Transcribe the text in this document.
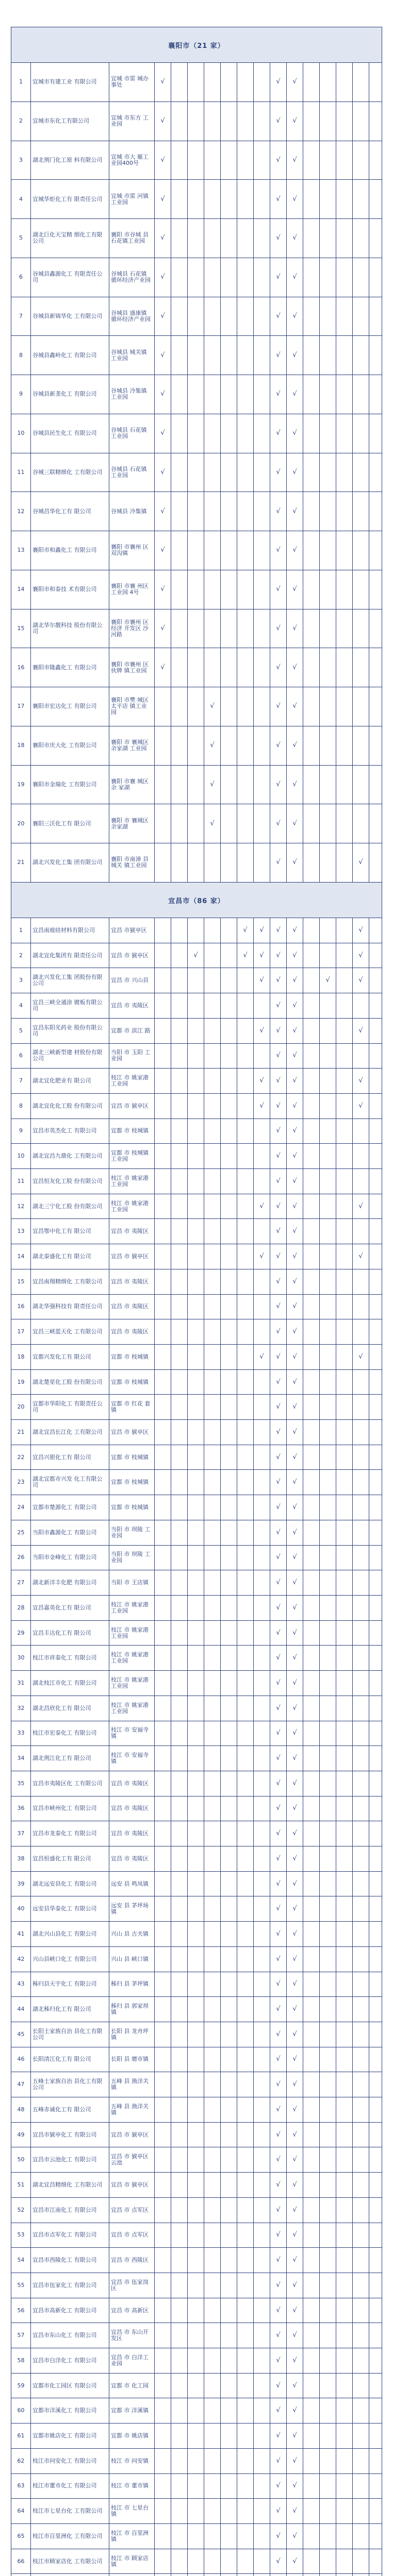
襄阳市（21 家）
1	宜城市有建工业 有限公司	宜城 市雷 城办事处	√							√	√					
2	宜城市东化工有限公司	宜城 市东方 工业园	√							√	√					
3	湖北荆门化工原 料有限公司	宜城 市大 雁工业园400号	√							√	√					
4	宜城华炬化工有 限责任公司	宜城 市雷 河镇工业园	√							√	√					
5	湖北巨化天宝精 细化工有限公司	襄阳 市谷城 县石花镇工业园	√							√	√					
6	谷城县鑫源化工 有限责任公司	谷城县 石花镇 循环经济产业园	√							√	√					
7	谷城县新锦华化 工有限公司	谷城县 盛康镇 循环经济产业园	√							√	√					
8	谷城县鑫岭化工 有限公司	谷城县 城关镇 工业园	√							√	√					
9	谷城县新垄化工 有限公司	谷城县 冷集镇 工业园	√							√	√					
10	谷城县民生化工 有限公司	谷城县 石花镇 工业园	√							√	√					
11	谷城三联精细化 工有限公司	谷城县 石花镇 工业园	√							√	√					
12	谷城昌华化工有 限公司	谷城县 冷集镇	√							√	√					
13	襄阳市和鑫化工 有限公司	襄阳 市襄州 区双沟镇	√							√	√					
14	襄阳市和泰技 术有限公司	襄阳 市襄 州区 工业园 4号	√							√	√					
15	湖北华尔靓科技 股份有限公司	襄阳 市襄州 区经济 开发区 沙河路	√							√	√					
16	襄阳市隆鑫化工 有限公司	襄阳 市襄州 区伙牌 镇工业园	√							√	√					
17	襄阳市宏达化工 有限公司	襄阳 市樊 城区 太平店 镇工业 园				√				√	√					
18	襄阳市庆大化 工有限公司	襄阳 市 襄城区 余家湖 工业园				√				√	√					
19	襄阳市金瑞化 工有限公司	襄阳 市襄 城区余 家湖				√				√	√					
20	襄阳三沃化工有 限公司	襄阳 市 襄城区 余家湖				√				√	√					
21	湖北兴发化工集 团有限公司	襄阳 市南漳 县城关 镇工业园								√	√				√	
宜昌市（86 家）
1	宜昌南玻硅材料有限公司	宜昌 市猇亭区						√	√	√	√				√	
2	湖北宜化集团有 限责任公司	宜昌 市 猇亭区			√			√	√	√	√				√	
3	湖北兴发化工集 团股份有限公司	宜昌 市 兴山县							√	√	√		√		√	
4	宜昌三峡全通涂 镀板有限公司	宜昌 市 夷陵区								√	√					
5	宜昌东阳光药业 股份有限公司	宜都 市 滨江 路							√	√	√				√	
6	湖北三峡新型建 材股份有限公司	当阳 市 玉阳 工业园								√	√					
7	湖北宜化肥业有 限公司	枝江 市 姚家港 工业园							√	√	√				√	
8	湖北宜化化工股 份有限公司	宜昌 市 猇亭区							√	√	√				√	
9	宜昌市英杰化工 有限公司	宜都 市 枝城镇								√	√					
10	湖北宜昌九鼎化 工有限公司	宜都 市 枝城镇 工业园								√	√					
11	宜昌恒友化工股 份有限公司	枝江 市 姚家港 工业园								√	√					
12	湖北三宁化工股 份有限公司	枝江 市 姚家港 工业园							√	√	√				√	
13	宜昌鄂中化工有 限公司	宜昌 市 夷陵区								√	√					
14	湖北泰盛化工有 限公司	宜昌 市 猇亭区							√	√	√				√	
15	宜昌南翔精细化 工有限公司	宜昌 市 夷陵区								√	√					
16	湖北华强科技有 限责任公司	宜昌 市 夷陵区								√	√					
17	宜昌三峡蓝天化 工有限公司	宜昌 市 夷陵区								√	√					
18	宜都兴发化工有 限公司	宜都 市 枝城镇							√	√	√				√	
19	湖北楚星化工股 份有限公司	宜都 市 枝城镇								√	√					
20	宜都市华阳化工 有限责任公司	宜都 市 红花 套镇								√	√					
21	湖北宜昌长江化 工有限公司	宜昌 市 猇亭区								√	√					
22	宜昌兴银化工有 限公司	宜都 市 枝城镇								√	√					
23	湖北宜都市兴发 化工有限公司	宜都 市 枝城镇								√	√					
24	宜都市楚源化工 有限公司	宜都 市 枝城镇								√	√					
25	当阳市鑫源化工 有限公司	当阳 市 坝陵 工业园								√	√					
26	当阳市金峰化工 有限公司	当阳 市 坝陵 工业园								√	√					
27	湖北新洋丰化肥 有限公司	当阳 市 王店镇								√	√					
28	宜昌嘉英化工有 限公司	枝江 市 姚家港 工业园								√	√					
29	宜昌丰达化工有 限公司	枝江 市 姚家港 工业园								√	√					
30	枝江市祥泰化工 有限公司	枝江 市 姚家港 工业园								√	√					
31	湖北枝江市化工 有限公司	枝江 市 姚家港 工业园								√	√					
32	湖北昌欣化工有 限公司	枝江 市 姚家港 工业园								√	√					
33	枝江市宏泰化工 有限公司	枝江 市 安福寺镇								√	√					
34	湖北荆江化工有 限公司	枝江 市 安福寺镇								√	√					
35	宜昌市夷陵区化 工有限公司	宜昌 市 夷陵区								√	√					
36	宜昌市峡州化工 有限公司	宜昌 市 夷陵区								√	√					
37	宜昌市龙泰化工 有限公司	宜昌 市 夷陵区								√	√					
38	宜昌恒盛化工有 限公司	宜昌 市 夷陵区								√	√					
39	湖北远安县化工 有限公司	远安 县 鸣凤镇								√	√					
40	远安县华泰化工 有限公司	远安 县 茅坪场镇								√	√					
41	湖北兴山县化工 有限公司	兴山 县 古夫镇								√	√					
42	兴山县峡口化工 有限公司	兴山 县 峡口镇								√	√					
43	秭归县天宇化工 有限公司	秭归 县 茅坪镇								√	√					
44	湖北秭归化工有 限公司	秭归 县 郭家坝镇								√	√					
45	长阳土家族自治 县化工有限公司	长阳 县 龙舟坪镇								√	√					
46	长阳清江化工有 限公司	长阳 县 磨市镇								√	√					
47	五峰土家族自治 县化工有限公司	五峰 县 渔洋关镇								√	√					
48	五峰赤诚化工有 限公司	五峰 县 渔洋关镇								√	√					
49	宜昌市猇亭化工 有限公司	宜昌 市 猇亭区								√	√					
50	宜昌市云池化工 有限公司	宜昌 市 猇亭区 云池								√	√					
51	湖北宜昌精细化 工有限公司	宜昌 市 猇亭区								√	√					
52	宜昌市江南化工 有限公司	宜昌 市 点军区								√	√					
53	宜昌市点军化工 有限公司	宜昌 市 点军区								√	√					
54	宜昌市西陵化工 有限公司	宜昌 市 西陵区								√	√					
55	宜昌市伍家化工 有限公司	宜昌 市 伍家岗区								√	√					
56	宜昌市高新化工 有限公司	宜昌 市 高新区								√	√					
57	宜昌市东山化工 有限公司	宜昌 市 东山开发区								√	√					
58	宜昌市白洋化工 有限公司	宜昌 市 白洋工业园								√	√					
59	宜都市化工园区 有限公司	宜都 市 化工园								√	√					
60	宜都市洋溪化工 有限公司	宜都 市 洋溪镇								√	√					
61	宜都市姚店化工 有限公司	宜都 市 姚店镇								√	√					
62	枝江市问安化工 有限公司	枝江 市 问安镇								√	√					
63	枝江市董市化工 有限公司	枝江 市 董市镇								√	√					
64	枝江市七星台化 工有限公司	枝江 市 七星台镇								√	√					
65	枝江市百里洲化 工有限公司	枝江 市 百里洲镇								√	√					
66	枝江市顾家店化 工有限公司	枝江 市 顾家店镇								√	√					
